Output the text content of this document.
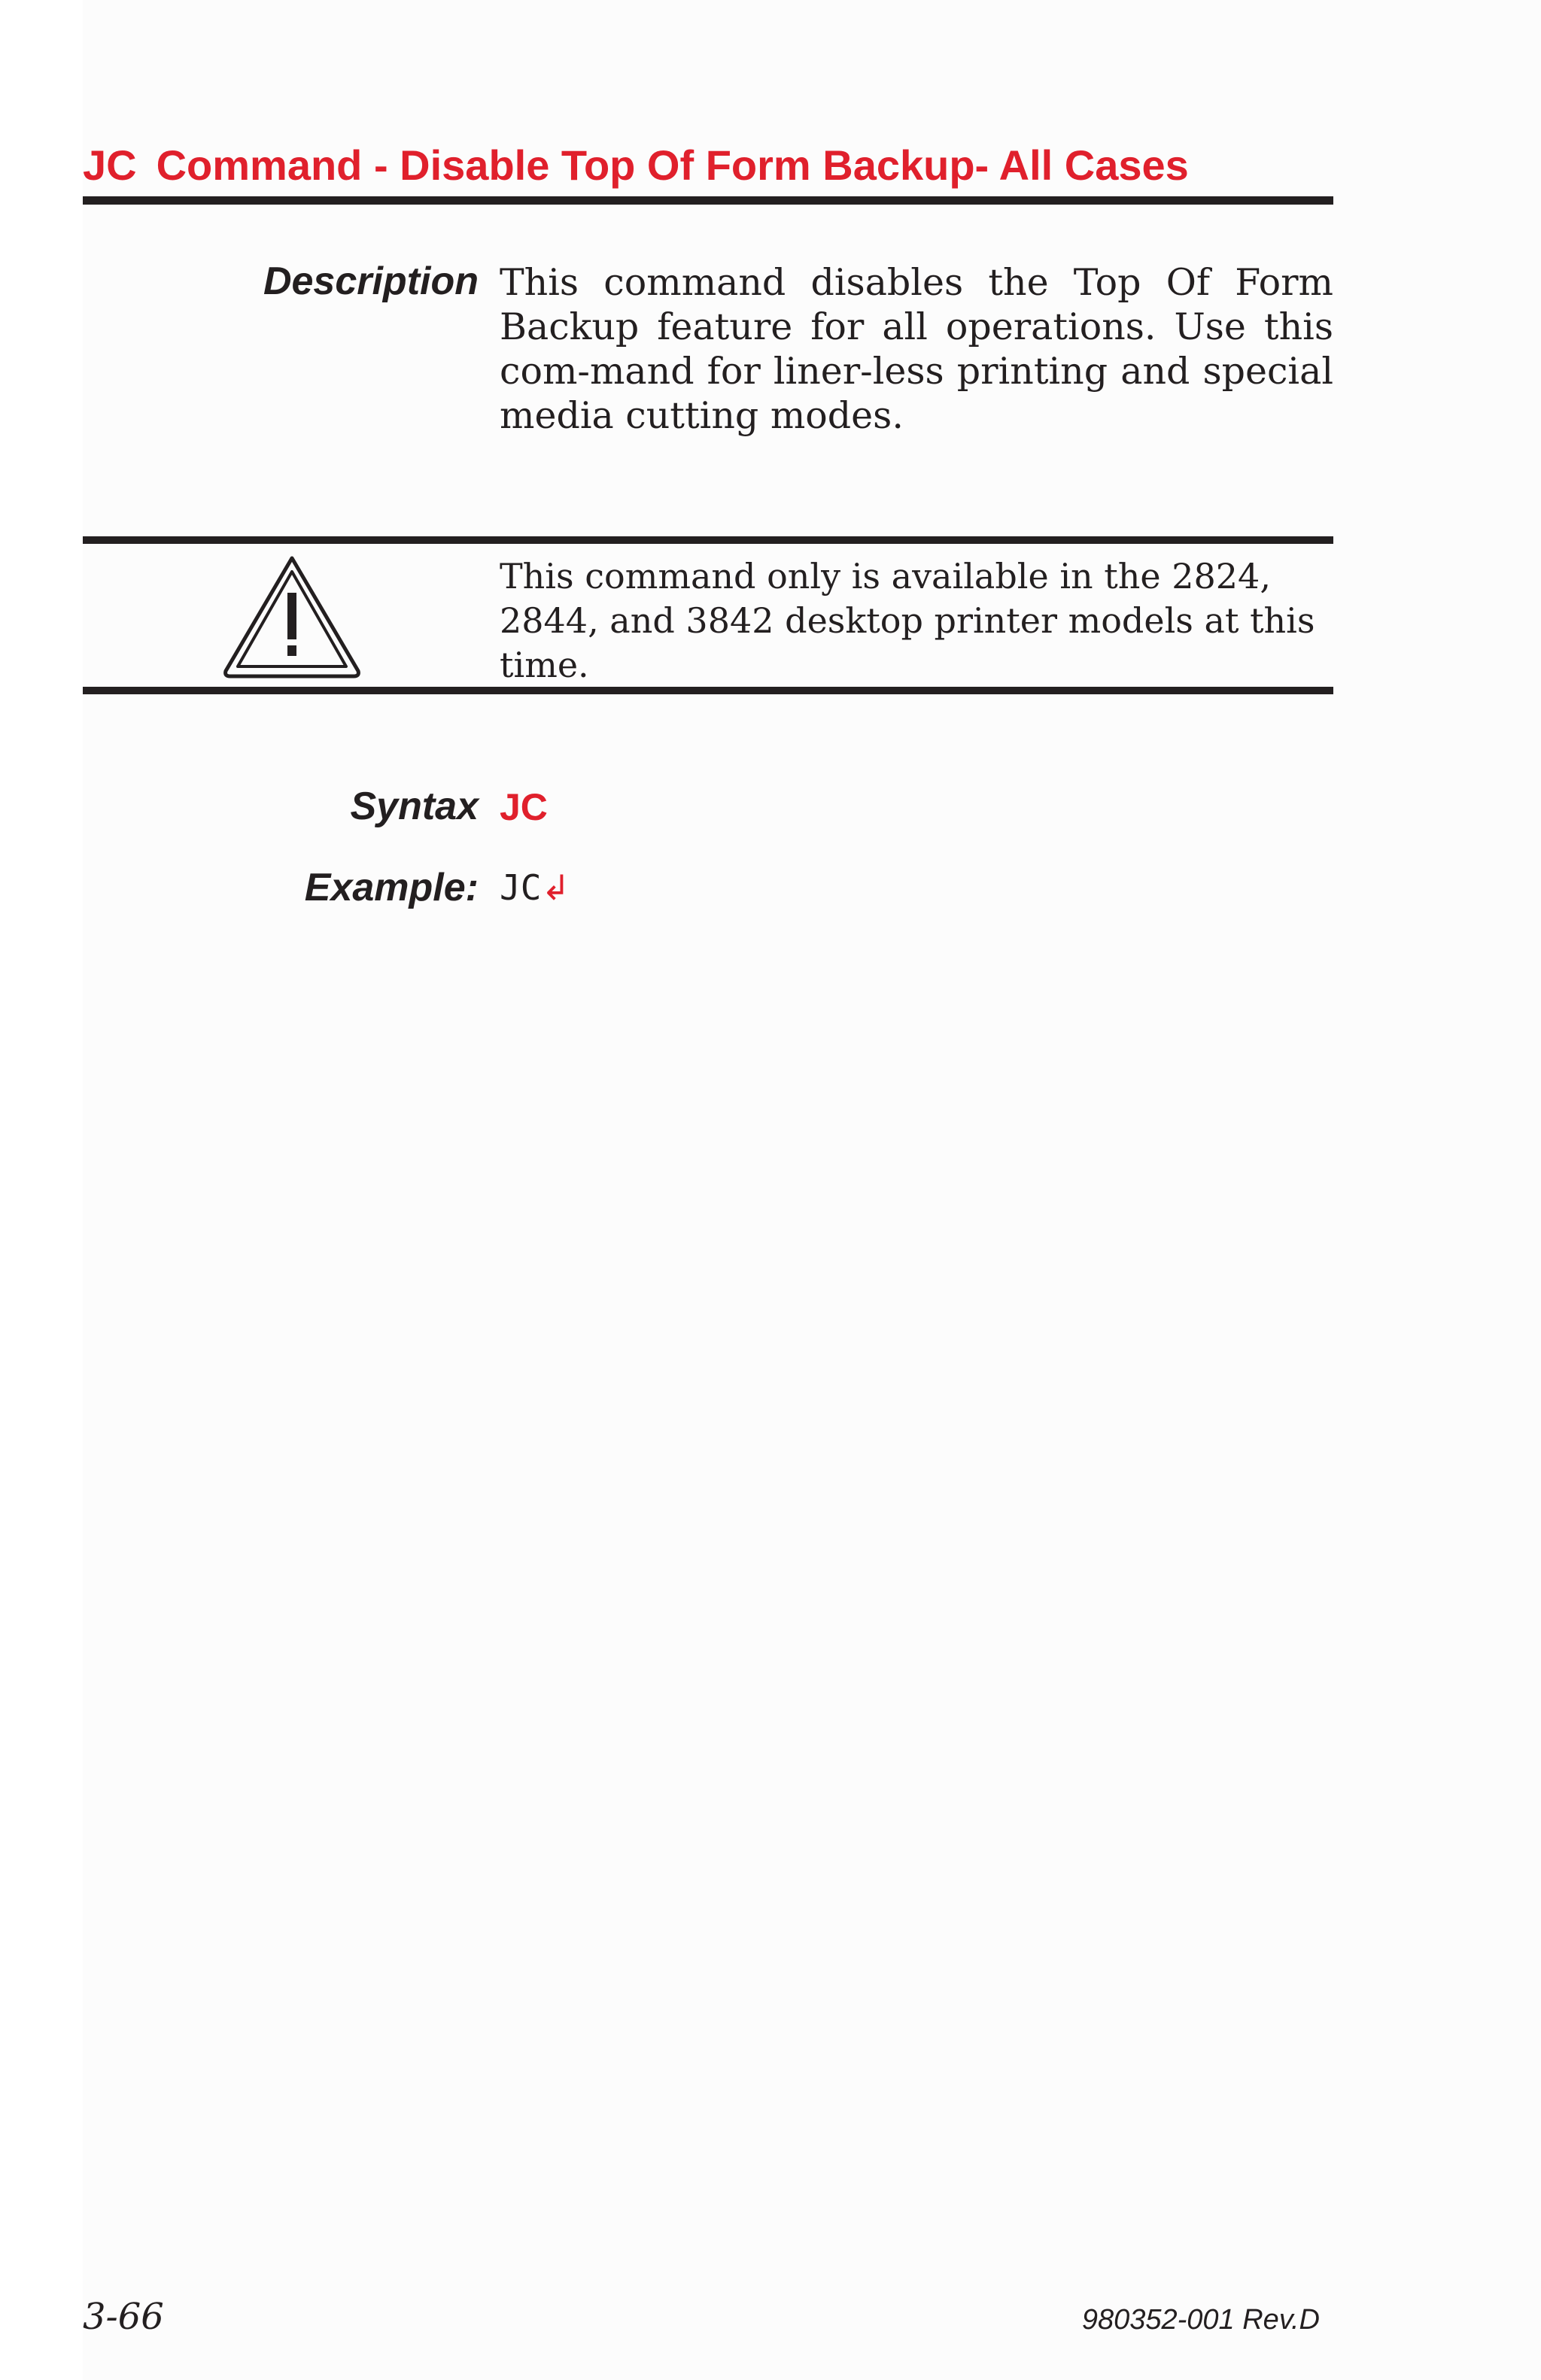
JC Command - Disable Top Of Form Backup- All Cases
Description This command disables the Top Of Form Backup feature for all operations. Use this com-mand for liner-less printing and special media cutting modes.
This command only is available in the 2824, 2844, and 3842 desktop printer models at this time.
Syntax JC
Example: JC↲
3-66	980352-001 Rev.D
